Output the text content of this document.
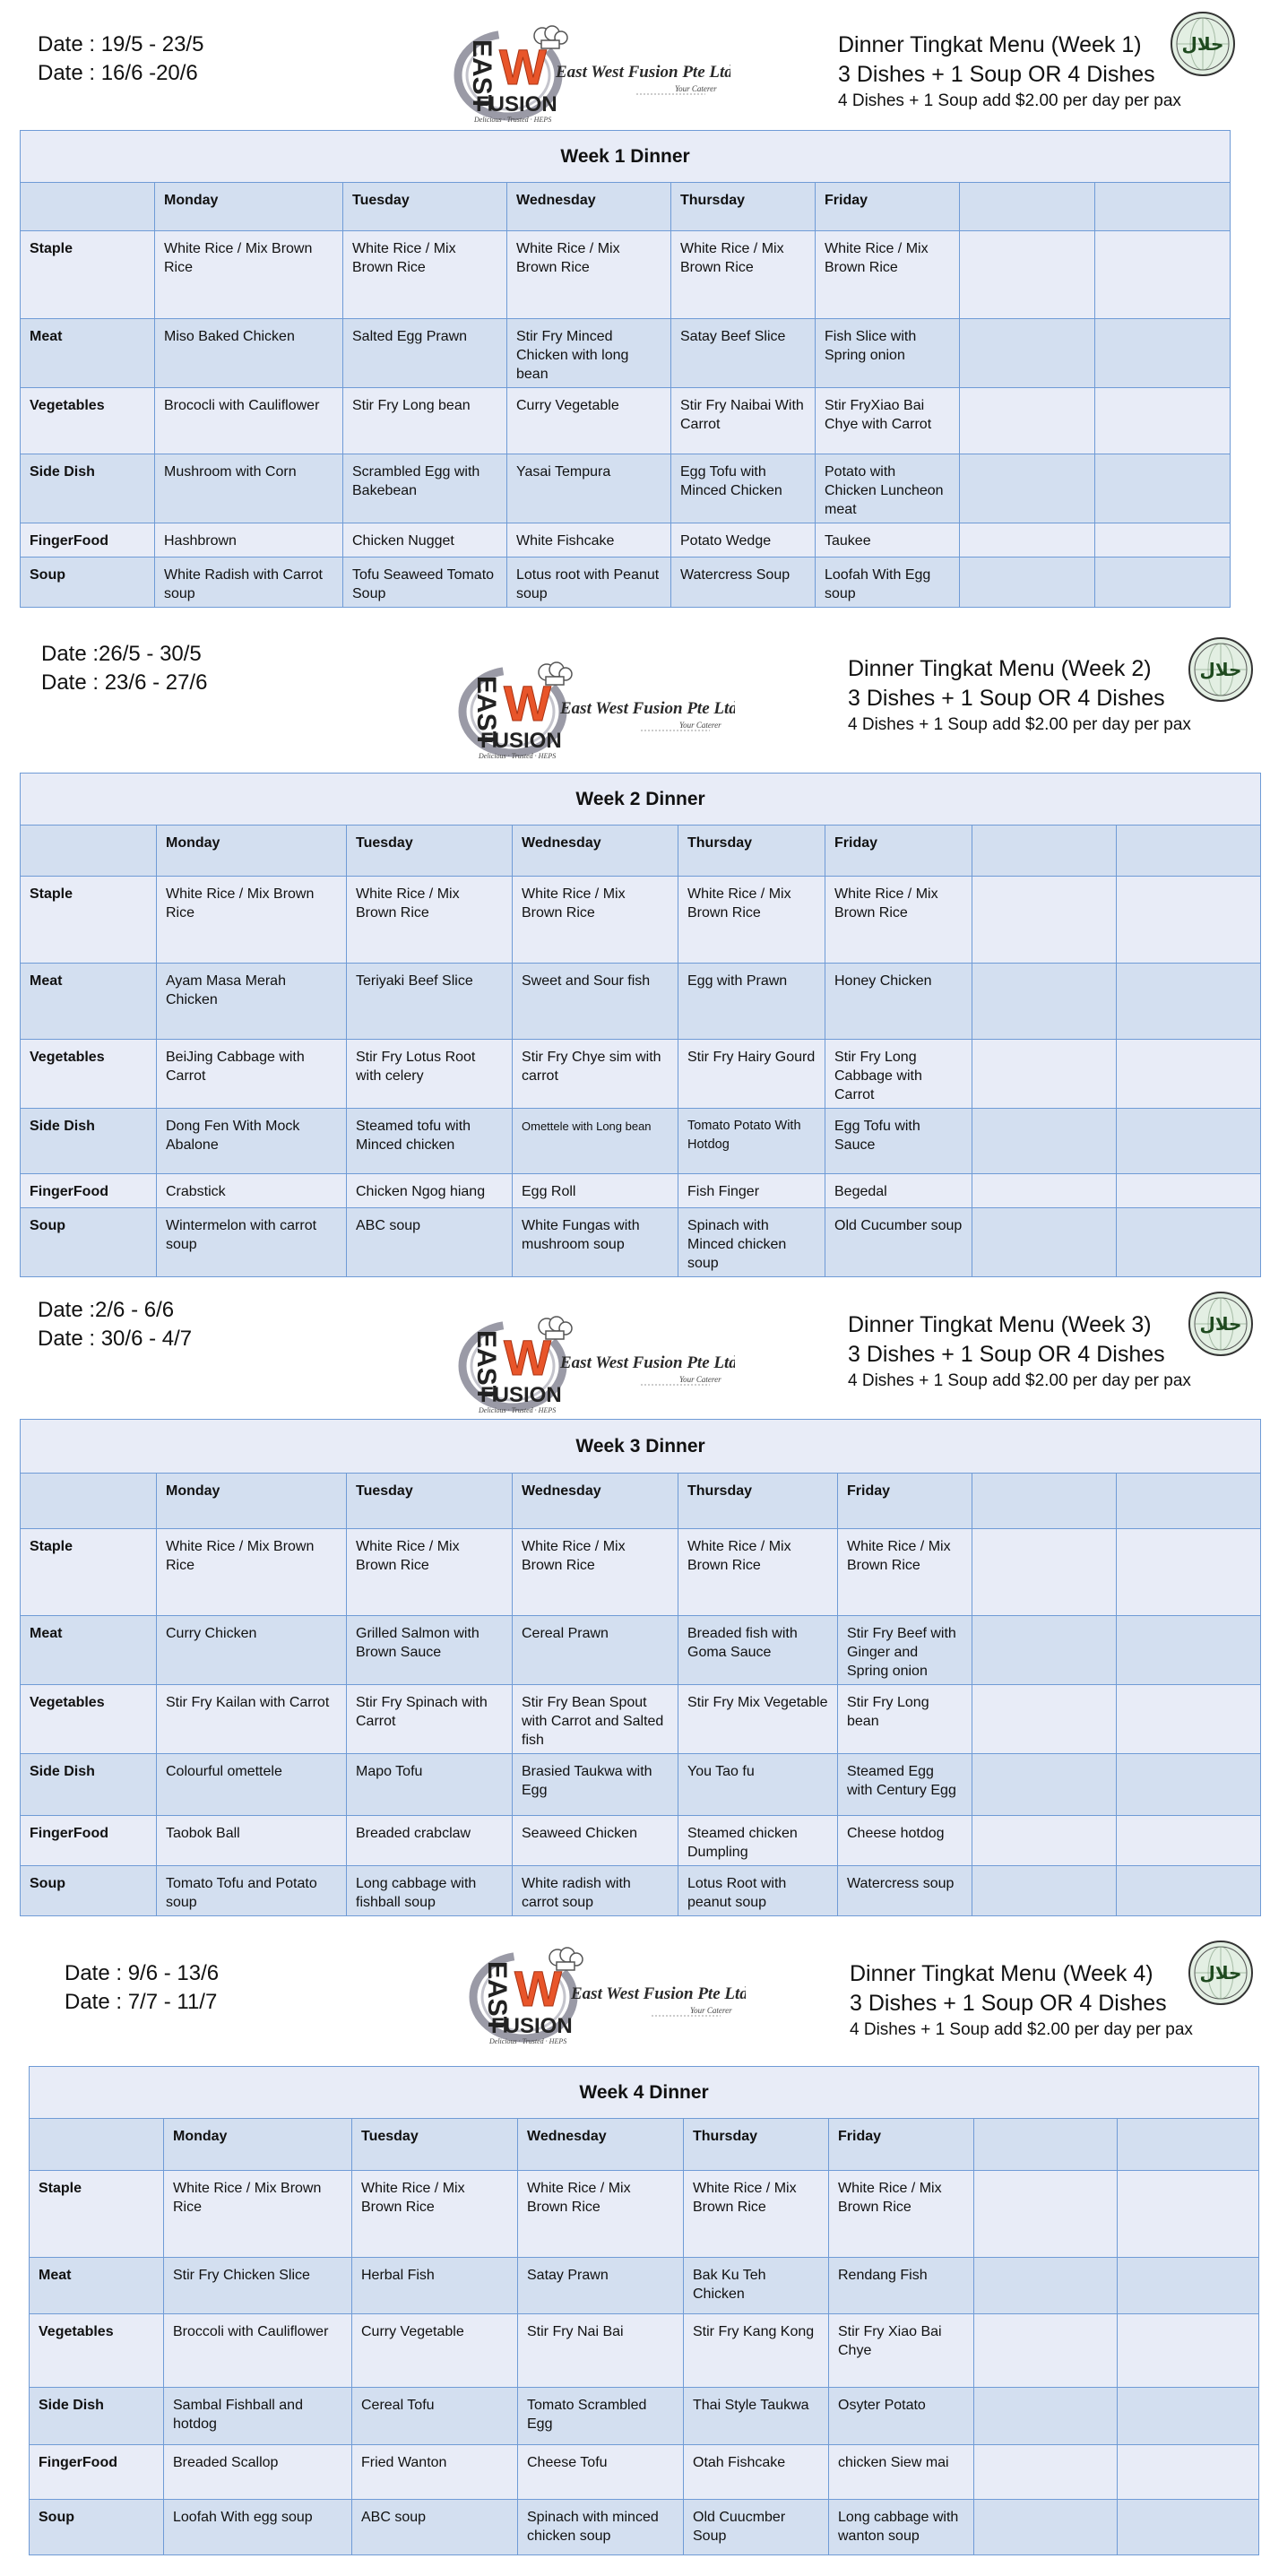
Date : 19/5 - 23/5
Date : 16/6 -20/6	EAST W
FUSION
Delicious · Trusted · HEPS
East West Fusion Pte Ltd
Your Caterer
Dinner Tingkat Menu (Week 1)
3 Dishes + 1 Soup OR 4 Dishes
4 Dishes + 1 Soup add $2.00 per day per pax
حلال
Week 1 Dinner							
	Monday	Tuesday	Wednesday	Thursday	Friday		
Staple	White Rice / Mix Brown Rice	White Rice / Mix Brown Rice	White Rice / Mix Brown Rice	White Rice / Mix Brown Rice	White Rice / Mix Brown Rice		
Meat	Miso Baked Chicken	Salted Egg Prawn	Stir Fry Minced Chicken with long bean	Satay Beef Slice	Fish Slice with Spring onion		
Vegetables	Brococli with Cauliflower	Stir Fry Long bean	Curry Vegetable	Stir Fry Naibai With Carrot	Stir FryXiao Bai Chye with Carrot		
Side Dish	Mushroom with Corn	Scrambled Egg with Bakebean	Yasai Tempura	Egg Tofu with Minced Chicken	Potato with Chicken Luncheon meat		
FingerFood	Hashbrown	Chicken Nugget	White Fishcake	Potato Wedge	Taukee		
Soup	White Radish with Carrot soup	Tofu Seaweed Tomato Soup	Lotus root with Peanut soup	Watercress Soup	Loofah With Egg soup		
Date :26/5 - 30/5
Date : 23/6 - 27/6	EAST W
FUSION
Delicious · Trusted · HEPS
East West Fusion Pte Ltd
Your Caterer
Dinner Tingkat Menu (Week 2)
3 Dishes + 1 Soup OR 4 Dishes
4 Dishes + 1 Soup add $2.00 per day per pax
حلال
Week 2 Dinner							
	Monday	Tuesday	Wednesday	Thursday	Friday		
Staple	White Rice / Mix Brown Rice	White Rice / Mix Brown Rice	White Rice / Mix Brown Rice	White Rice / Mix Brown Rice	White Rice / Mix Brown Rice		
Meat	Ayam Masa Merah Chicken	Teriyaki Beef Slice	Sweet and Sour fish	Egg with Prawn	Honey Chicken		
Vegetables	BeiJing Cabbage with Carrot	Stir Fry Lotus Root with celery	Stir Fry Chye sim with carrot	Stir Fry Hairy Gourd	Stir Fry Long Cabbage with Carrot		
Side Dish	Dong Fen With Mock Abalone	Steamed tofu with Minced chicken	Omettele with Long bean	Tomato Potato With Hotdog	Egg Tofu with Sauce		
FingerFood	Crabstick	Chicken Ngog hiang	Egg Roll	Fish Finger	Begedal		
Soup	Wintermelon with carrot soup	ABC soup	White Fungas with mushroom soup	Spinach with Minced chicken soup	Old Cucumber soup		
Date :2/6 - 6/6
Date : 30/6 - 4/7	EAST W
FUSION
Delicious · Trusted · HEPS
East West Fusion Pte Ltd
Your Caterer
Dinner Tingkat Menu (Week 3)
3 Dishes + 1 Soup OR 4 Dishes
4 Dishes + 1 Soup add $2.00 per day per pax
حلال
Week 3 Dinner							
	Monday	Tuesday	Wednesday	Thursday	Friday		
Staple	White Rice / Mix Brown Rice	White Rice / Mix Brown Rice	White Rice / Mix Brown Rice	White Rice / Mix Brown Rice	White Rice / Mix Brown Rice		
Meat	Curry Chicken	Grilled Salmon with Brown Sauce	Cereal Prawn	Breaded fish with Goma Sauce	Stir Fry Beef with Ginger and Spring onion		
Vegetables	Stir Fry Kailan with Carrot	Stir Fry Spinach with Carrot	Stir Fry Bean Spout with Carrot and Salted fish	Stir Fry Mix Vegetable	Stir Fry Long bean		
Side Dish	Colourful omettele	Mapo Tofu	Brasied Taukwa with Egg	You Tao fu	Steamed Egg with Century Egg		
FingerFood	Taobok Ball	Breaded crabclaw	Seaweed Chicken	Steamed chicken Dumpling	Cheese hotdog		
Soup	Tomato Tofu and Potato soup	Long cabbage with fishball soup	White radish with carrot soup	Lotus Root with peanut soup	Watercress soup		
Date : 9/6 - 13/6
Date : 7/7 - 11/7	EAST W
FUSION
Delicious · Trusted · HEPS
East West Fusion Pte Ltd
Your Caterer
Dinner Tingkat Menu (Week 4)
3 Dishes + 1 Soup OR 4 Dishes
4 Dishes + 1 Soup add $2.00 per day per pax
حلال
Week 4 Dinner							
	Monday	Tuesday	Wednesday	Thursday	Friday		
Staple	White Rice / Mix Brown Rice	White Rice / Mix Brown Rice	White Rice / Mix Brown Rice	White Rice / Mix Brown Rice	White Rice / Mix Brown Rice		
Meat	Stir Fry Chicken Slice	Herbal Fish	Satay Prawn	Bak Ku Teh Chicken	Rendang Fish		
Vegetables	Broccoli with Cauliflower	Curry Vegetable	Stir Fry Nai Bai	Stir Fry Kang Kong	Stir Fry Xiao Bai Chye		
Side Dish	Sambal Fishball and hotdog	Cereal Tofu	Tomato Scrambled Egg	Thai Style Taukwa	Osyter Potato		
FingerFood	Breaded Scallop	Fried Wanton	Cheese Tofu	Otah Fishcake	chicken Siew mai		
Soup	Loofah With egg soup	ABC soup	Spinach with minced chicken soup	Old Cuucmber Soup	Long cabbage with wanton soup		
